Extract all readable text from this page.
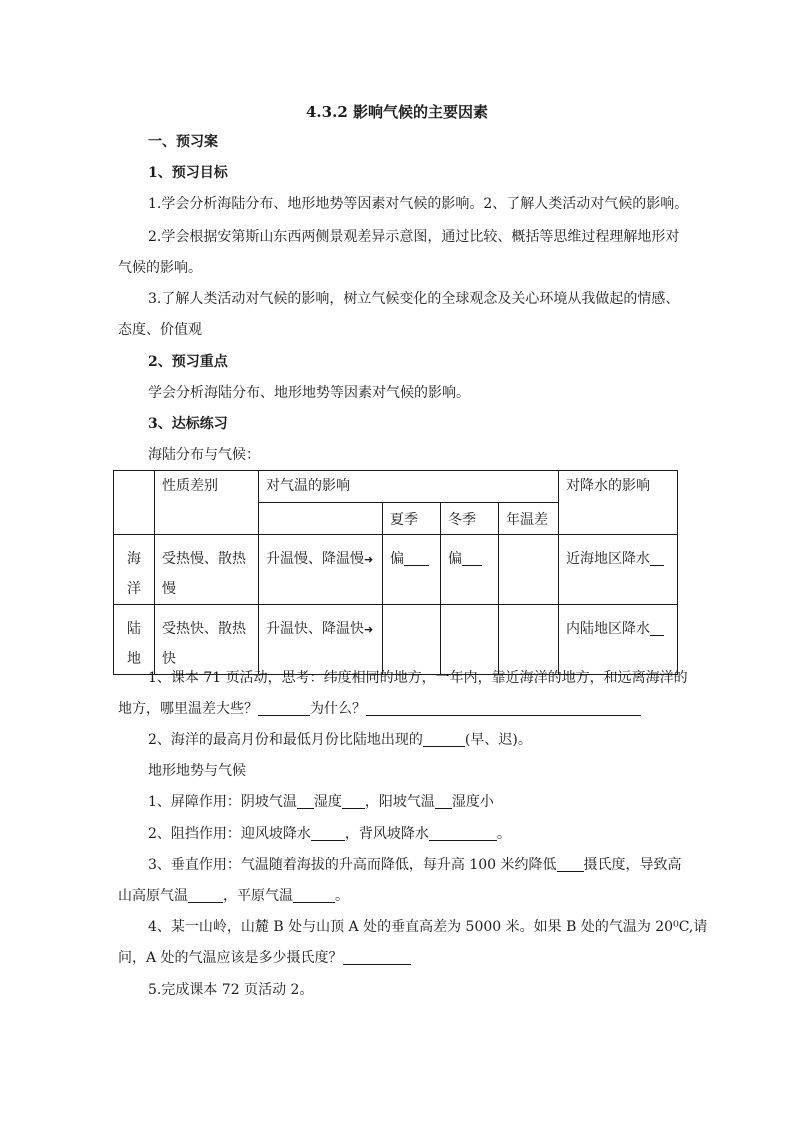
4.3.2 影响气候的主要因素
一、预习案
1、预习目标
1.学会分析海陆分布、地形地势等因素对气候的影响。2、了解人类活动对气候的影响。
2.学会根据安第斯山东西两侧景观差异示意图，通过比较、概括等思维过程理解地形对
气候的影响。
3.了解人类活动对气候的影响，树立气候变化的全球观念及关心环境从我做起的情感、
态度、价值观
2、预习重点
学会分析海陆分布、地形地势等因素对气候的影响。
3、达标练习
海陆分布与气候：
	性质差别	对气温的影响				对降水的影响
			夏季	冬季	年温差	
海
洋	受热慢、散热
慢	升温慢、降温慢➜	偏	偏		近海地区降水
陆
地	受热快、散热
快	升温快、降温快➜				内陆地区降水
1、课本 71 页活动，思考：纬度相同的地方，一年内，靠近海洋的地方，和远离海洋的
地方，哪里温差大些？	为什么？
2、海洋的最高月份和最低月份比陆地出现的	(早、迟)。
地形地势与气候
1、屏障作用：阴坡气温 湿度 ，阳坡气温 湿度小
2、阻挡作用：迎风坡降水 ，背风坡降水	。
3、垂直作用：气温随着海拔的升高而降低，每升高 100 米约降低 摄氏度，导致高
山高原气温	，平原气温	。
4、某一山岭，山麓 B 处与山顶 A 处的垂直高差为 5000 米。如果 B 处的气温为 20⁰C,请
问，A 处的气温应该是多少摄氏度？
5.完成课本 72 页活动 2。
